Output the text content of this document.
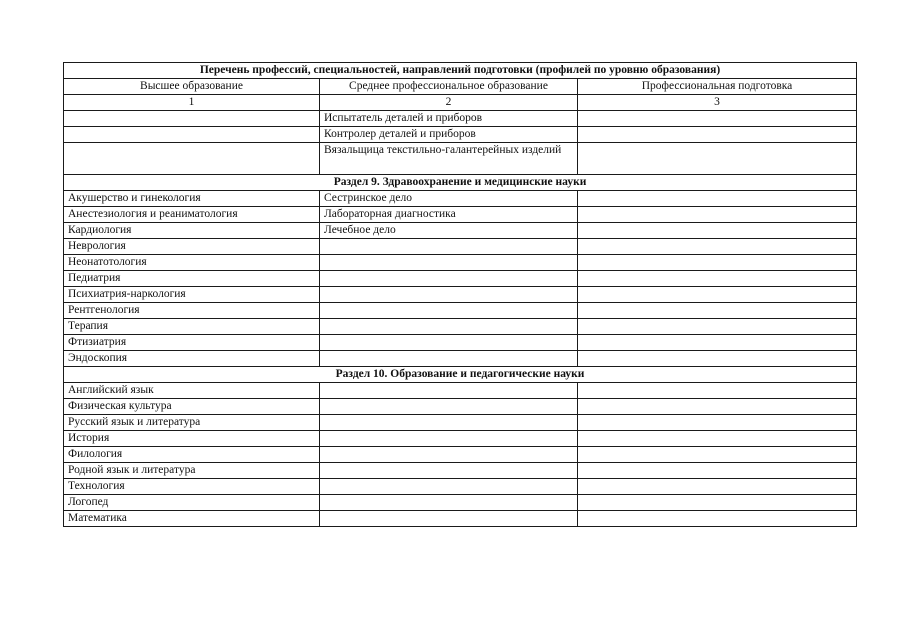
Перечень профессий, специальностей, направлений подготовки (профилей по уровню образования)		
Высшее образование	Среднее профессиональное образование	Профессиональная подготовка
1	2	3
	Испытатель деталей и приборов	
	Контролер деталей и приборов	
	Вязальщица текстильно-галантерейных изделий	
Раздел 9. Здравоохранение и медицинские науки		
Акушерство и гинекология	Сестринское дело	
Анестезиология и реаниматология	Лабораторная диагностика	
Кардиология	Лечебное дело	
Неврология		
Неонатотология		
Педиатрия		
Психиатрия-наркология		
Рентгенология		
Терапия		
Фтизиатрия		
Эндоскопия		
Раздел 10. Образование и педагогические науки		
Английский язык		
Физическая культура		
Русский язык и литература		
История		
Филология		
Родной язык и литература		
Технология		
Логопед		
Математика		
